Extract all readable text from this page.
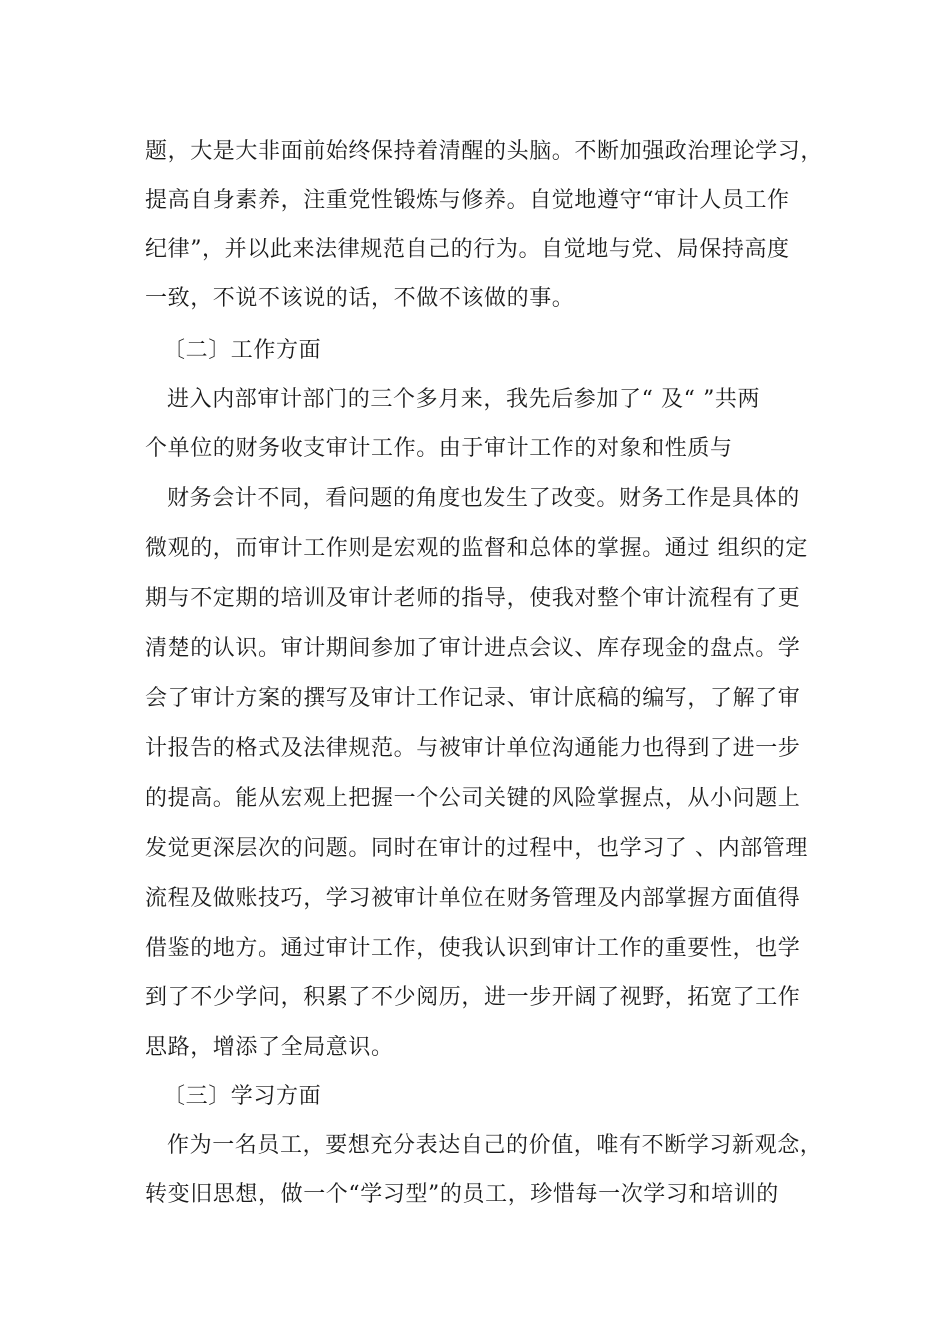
题，大是大非面前始终保持着清醒的头脑。不断加强政治理论学习，
提高自身素养，注重党性锻炼与修养。自觉地遵守“审计人员工作
纪律”，并以此来法律规范自己的行为。自觉地与党、局保持高度
一致，不说不该说的话，不做不该做的事。
〔二〕工作方面
进入内部审计部门的三个多月来，我先后参加了“ 及“ ”共两
个单位的财务收支审计工作。由于审计工作的对象和性质与
财务会计不同，看问题的角度也发生了改变。财务工作是具体的
微观的，而审计工作则是宏观的监督和总体的掌握。通过 组织的定
期与不定期的培训及审计老师的指导，使我对整个审计流程有了更
清楚的认识。审计期间参加了审计进点会议、库存现金的盘点。学
会了审计方案的撰写及审计工作记录、审计底稿的编写，了解了审
计报告的格式及法律规范。与被审计单位沟通能力也得到了进一步
的提高。能从宏观上把握一个公司关键的风险掌握点，从小问题上
发觉更深层次的问题。同时在审计的过程中，也学习了 、内部管理
流程及做账技巧，学习被审计单位在财务管理及内部掌握方面值得
借鉴的地方。通过审计工作，使我认识到审计工作的重要性，也学
到了不少学问，积累了不少阅历，进一步开阔了视野，拓宽了工作
思路，增添了全局意识。
〔三〕学习方面
作为一名员工，要想充分表达自己的价值，唯有不断学习新观念，
转变旧思想，做一个“学习型”的员工，珍惜每一次学习和培训的
